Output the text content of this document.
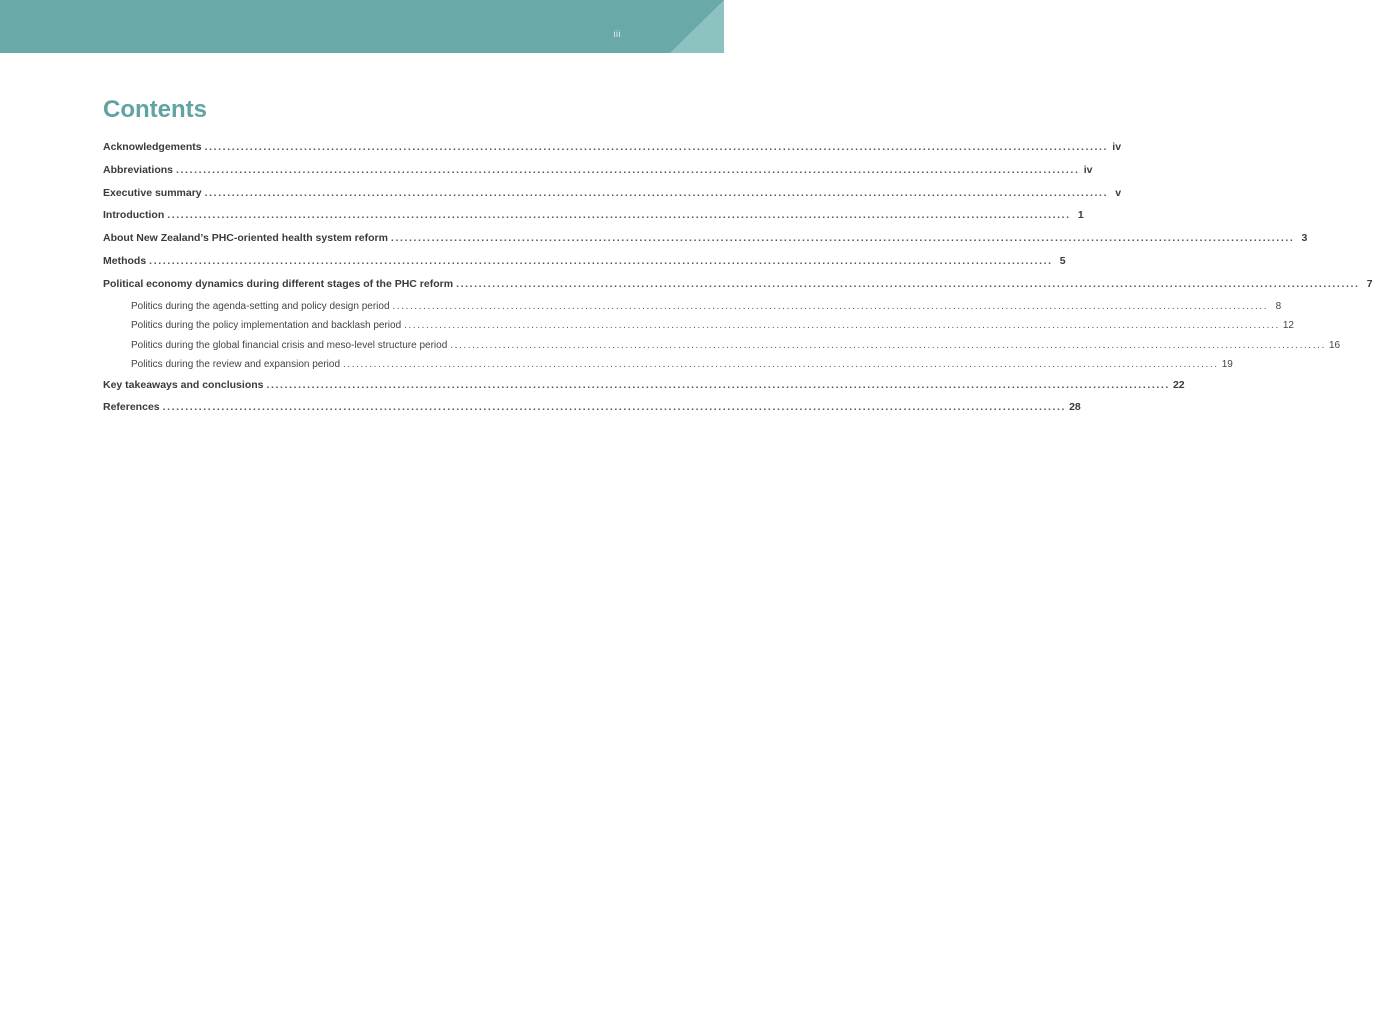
iii
Contents
Acknowledgements ........................................................................................................................................................................................................ iv
Abbreviations ........................................................................................................................................................................................................ iv
Executive summary ........................................................................................................................................................................................................ v
Introduction ........................................................................................................................................................................................................ 1
About New Zealand’s PHC-oriented health system reform ........................................................................................................................................................................................................ 3
Methods ........................................................................................................................................................................................................ 5
Political economy dynamics during different stages of the PHC reform ........................................................................................................................................................................................................ 7
Politics during the agenda-setting and policy design period ........................................................................................................................................................................................................ 8
Politics during the policy implementation and backlash period ........................................................................................................................................................................................................ 12
Politics during the global financial crisis and meso-level structure period ........................................................................................................................................................................................................ 16
Politics during the review and expansion period ........................................................................................................................................................................................................ 19
Key takeaways and conclusions ........................................................................................................................................................................................................ 22
References ........................................................................................................................................................................................................ 28
